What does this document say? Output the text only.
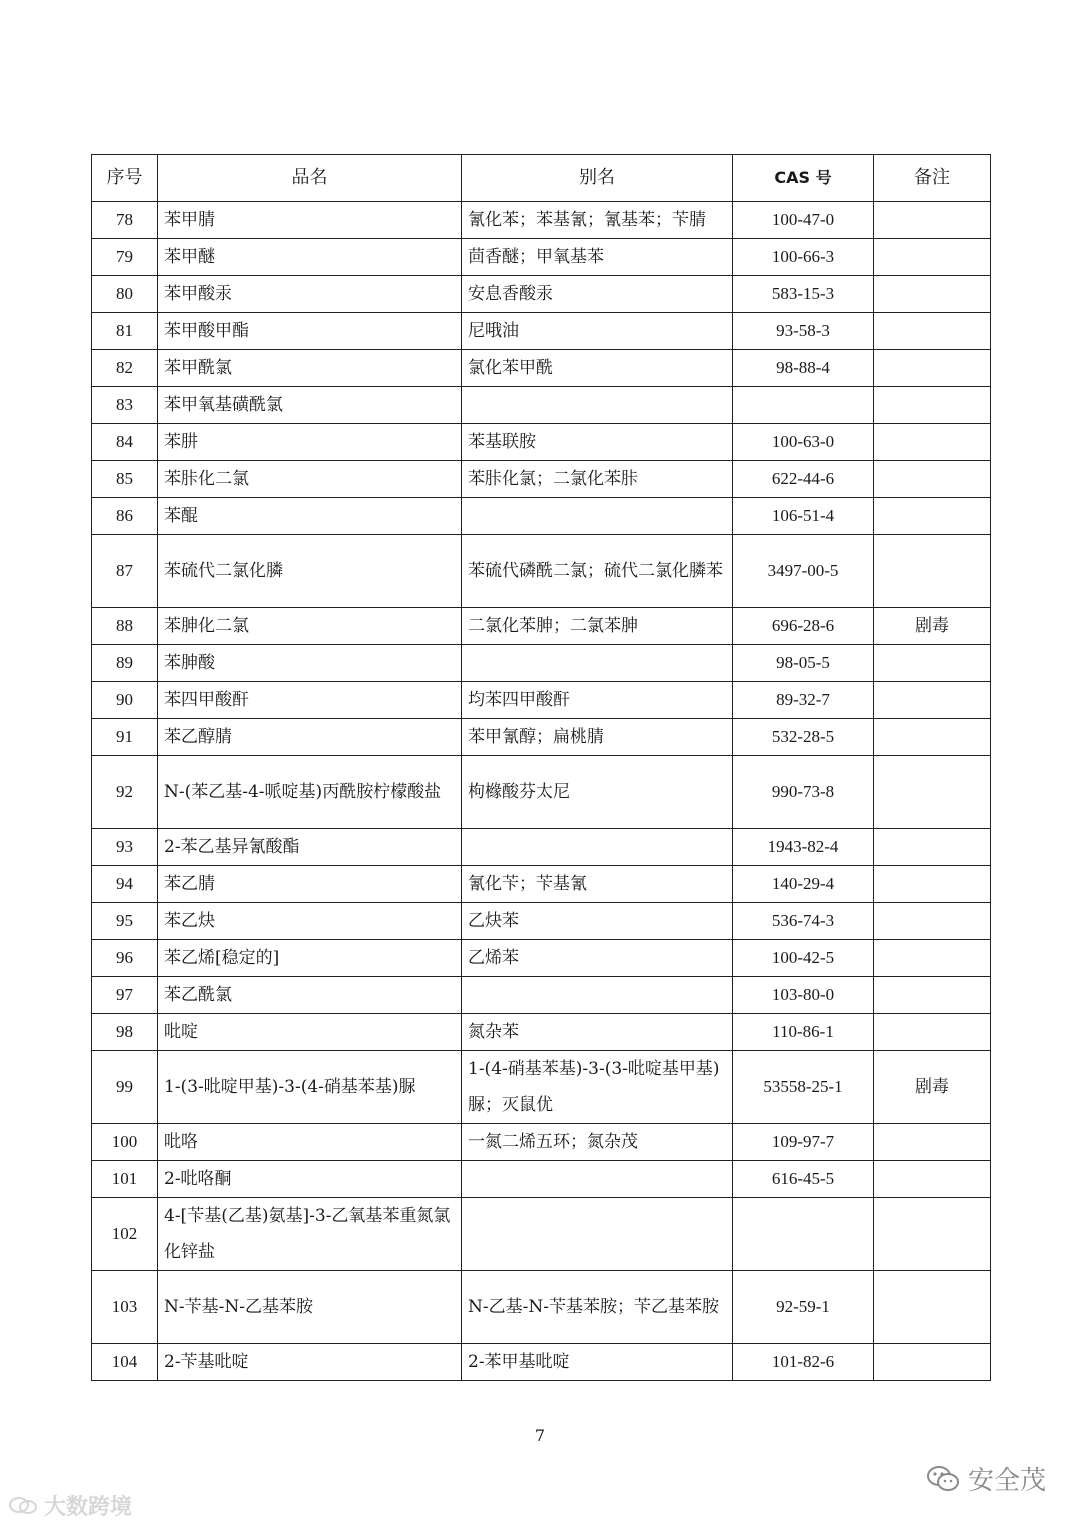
序号	品名	别名	CAS 号	备注
78	苯甲腈	氰化苯；苯基氰；氰基苯；苄腈	100-47-0	
79	苯甲醚	茴香醚；甲氧基苯	100-66-3	
80	苯甲酸汞	安息香酸汞	583-15-3	
81	苯甲酸甲酯	尼哦油	93-58-3	
82	苯甲酰氯	氯化苯甲酰	98-88-4	
83	苯甲氧基磺酰氯			
84	苯肼	苯基联胺	100-63-0	
85	苯胩化二氯	苯胩化氯；二氯化苯胩	622-44-6	
86	苯醌		106-51-4	
87	苯硫代二氯化膦	苯硫代磷酰二氯；硫代二氯化膦苯	3497-00-5	
88	苯胂化二氯	二氯化苯胂；二氯苯胂	696-28-6	剧毒
89	苯胂酸		98-05-5	
90	苯四甲酸酐	均苯四甲酸酐	89-32-7	
91	苯乙醇腈	苯甲氰醇；扁桃腈	532-28-5	
92	N-(苯乙基-4-哌啶基)丙酰胺柠檬酸盐	枸橼酸芬太尼	990-73-8	
93	2-苯乙基异氰酸酯		1943-82-4	
94	苯乙腈	氰化苄；苄基氰	140-29-4	
95	苯乙炔	乙炔苯	536-74-3	
96	苯乙烯[稳定的]	乙烯苯	100-42-5	
97	苯乙酰氯		103-80-0	
98	吡啶	氮杂苯	110-86-1	
99	1-(3-吡啶甲基)-3-(4-硝基苯基)脲	1-(4-硝基苯基)-3-(3-吡啶基甲基)脲；灭鼠优	53558-25-1	剧毒
100	吡咯	一氮二烯五环；氮杂茂	109-97-7	
101	2-吡咯酮		616-45-5	
102	4-[苄基(乙基)氨基]-3-乙氧基苯重氮氯化锌盐			
103	N-苄基-N-乙基苯胺	N-乙基-N-苄基苯胺；苄乙基苯胺	92-59-1	
104	2-苄基吡啶	2-苯甲基吡啶	101-82-6	
7
大数跨境
安全茂
